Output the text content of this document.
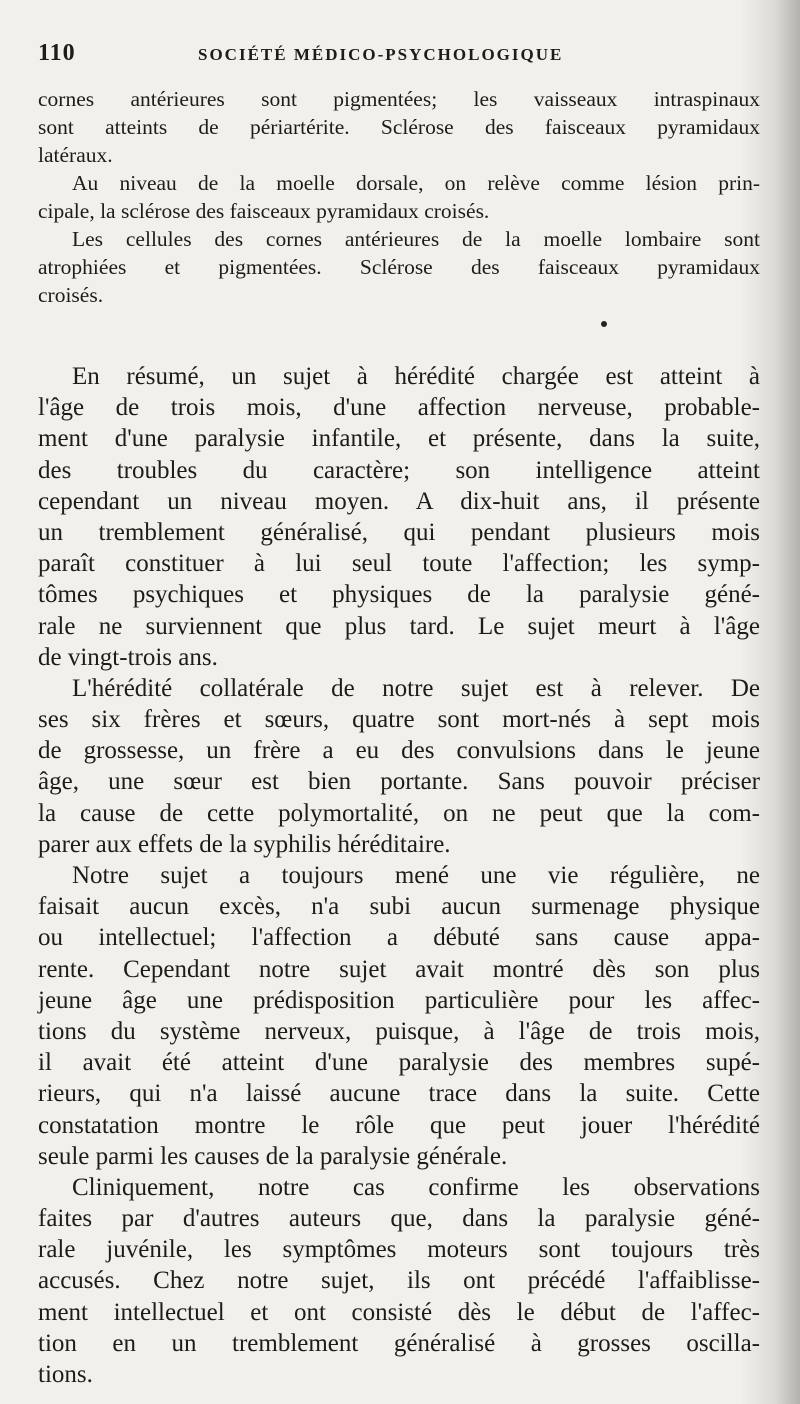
110	SOCIÉTÉ MÉDICO-PSYCHOLOGIQUE
cornes antérieures sont pigmentées; les vaisseaux intraspinaux
sont atteints de périartérite. Sclérose des faisceaux pyramidaux
latéraux.
Au niveau de la moelle dorsale, on relève comme lésion prin-
cipale, la sclérose des faisceaux pyramidaux croisés.
Les cellules des cornes antérieures de la moelle lombaire sont
atrophiées et pigmentées. Sclérose des faisceaux pyramidaux
croisés.
En résumé, un sujet à hérédité chargée est atteint à
l'âge de trois mois, d'une affection nerveuse, probable-
ment d'une paralysie infantile, et présente, dans la suite,
des troubles du caractère; son intelligence atteint
cependant un niveau moyen. A dix-huit ans, il présente
un tremblement généralisé, qui pendant plusieurs mois
paraît constituer à lui seul toute l'affection; les symp-
tômes psychiques et physiques de la paralysie géné-
rale ne surviennent que plus tard. Le sujet meurt à l'âge
de vingt-trois ans.
L'hérédité collatérale de notre sujet est à relever. De
ses six frères et sœurs, quatre sont mort-nés à sept mois
de grossesse, un frère a eu des convulsions dans le jeune
âge, une sœur est bien portante. Sans pouvoir préciser
la cause de cette polymortalité, on ne peut que la com-
parer aux effets de la syphilis héréditaire.
Notre sujet a toujours mené une vie régulière, ne
faisait aucun excès, n'a subi aucun surmenage physique
ou intellectuel; l'affection a débuté sans cause appa-
rente. Cependant notre sujet avait montré dès son plus
jeune âge une prédisposition particulière pour les affec-
tions du système nerveux, puisque, à l'âge de trois mois,
il avait été atteint d'une paralysie des membres supé-
rieurs, qui n'a laissé aucune trace dans la suite. Cette
constatation montre le rôle que peut jouer l'hérédité
seule parmi les causes de la paralysie générale.
Cliniquement, notre cas confirme les observations
faites par d'autres auteurs que, dans la paralysie géné-
rale juvénile, les symptômes moteurs sont toujours très
accusés. Chez notre sujet, ils ont précédé l'affaiblisse-
ment intellectuel et ont consisté dès le début de l'affec-
tion en un tremblement généralisé à grosses oscilla-
tions.
